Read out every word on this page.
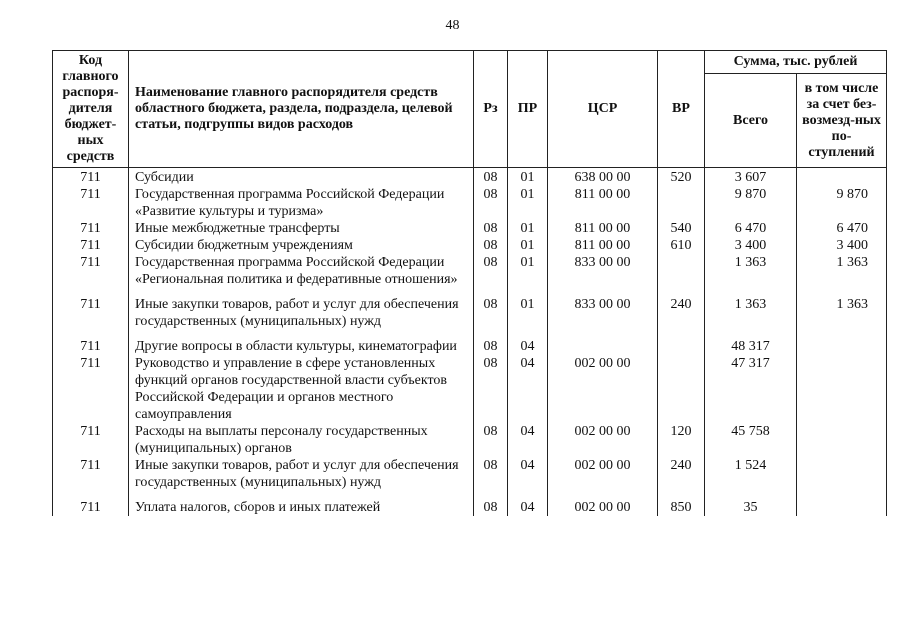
48
Код главного распоря-дителя бюджет-ных средств	Наименование главного распорядителя средств областного бюджета, раздела, подраздела, целевой статьи, подгруппы видов расходов	Рз	ПР	ЦСР	ВР	Сумма, тыс. рублей	
						Всего	в том числе за счет без-возмезд-ных по-ступлений
711	Субсидии	08	01	638 00 00	520	3 607	
711	Государственная программа Российской Федерации «Развитие культуры и туризма»	08	01	811 00 00		9 870	9 870
711	Иные межбюджетные трансферты	08	01	811 00 00	540	6 470	6 470
711	Субсидии бюджетным учреждениям	08	01	811 00 00	610	3 400	3 400
711	Государственная программа Российской Федерации «Региональная политика и федеративные отношения»	08	01	833 00 00		1 363	1 363
711	Иные закупки товаров, работ и услуг для обеспечения государственных (муниципальных) нужд	08	01	833 00 00	240	1 363	1 363
711	Другие вопросы в области культуры, кинематографии	08	04			48 317	
711	Руководство и управление в сфере установленных функций органов государственной власти субъектов Российской Федерации и органов местного самоуправления	08	04	002 00 00		47 317	
711	Расходы на выплаты персоналу государственных (муниципальных) органов	08	04	002 00 00	120	45 758	
711	Иные закупки товаров, работ и услуг для обеспечения государственных (муниципальных) нужд	08	04	002 00 00	240	1 524	
711	Уплата налогов, сборов и иных платежей	08	04	002 00 00	850	35	
